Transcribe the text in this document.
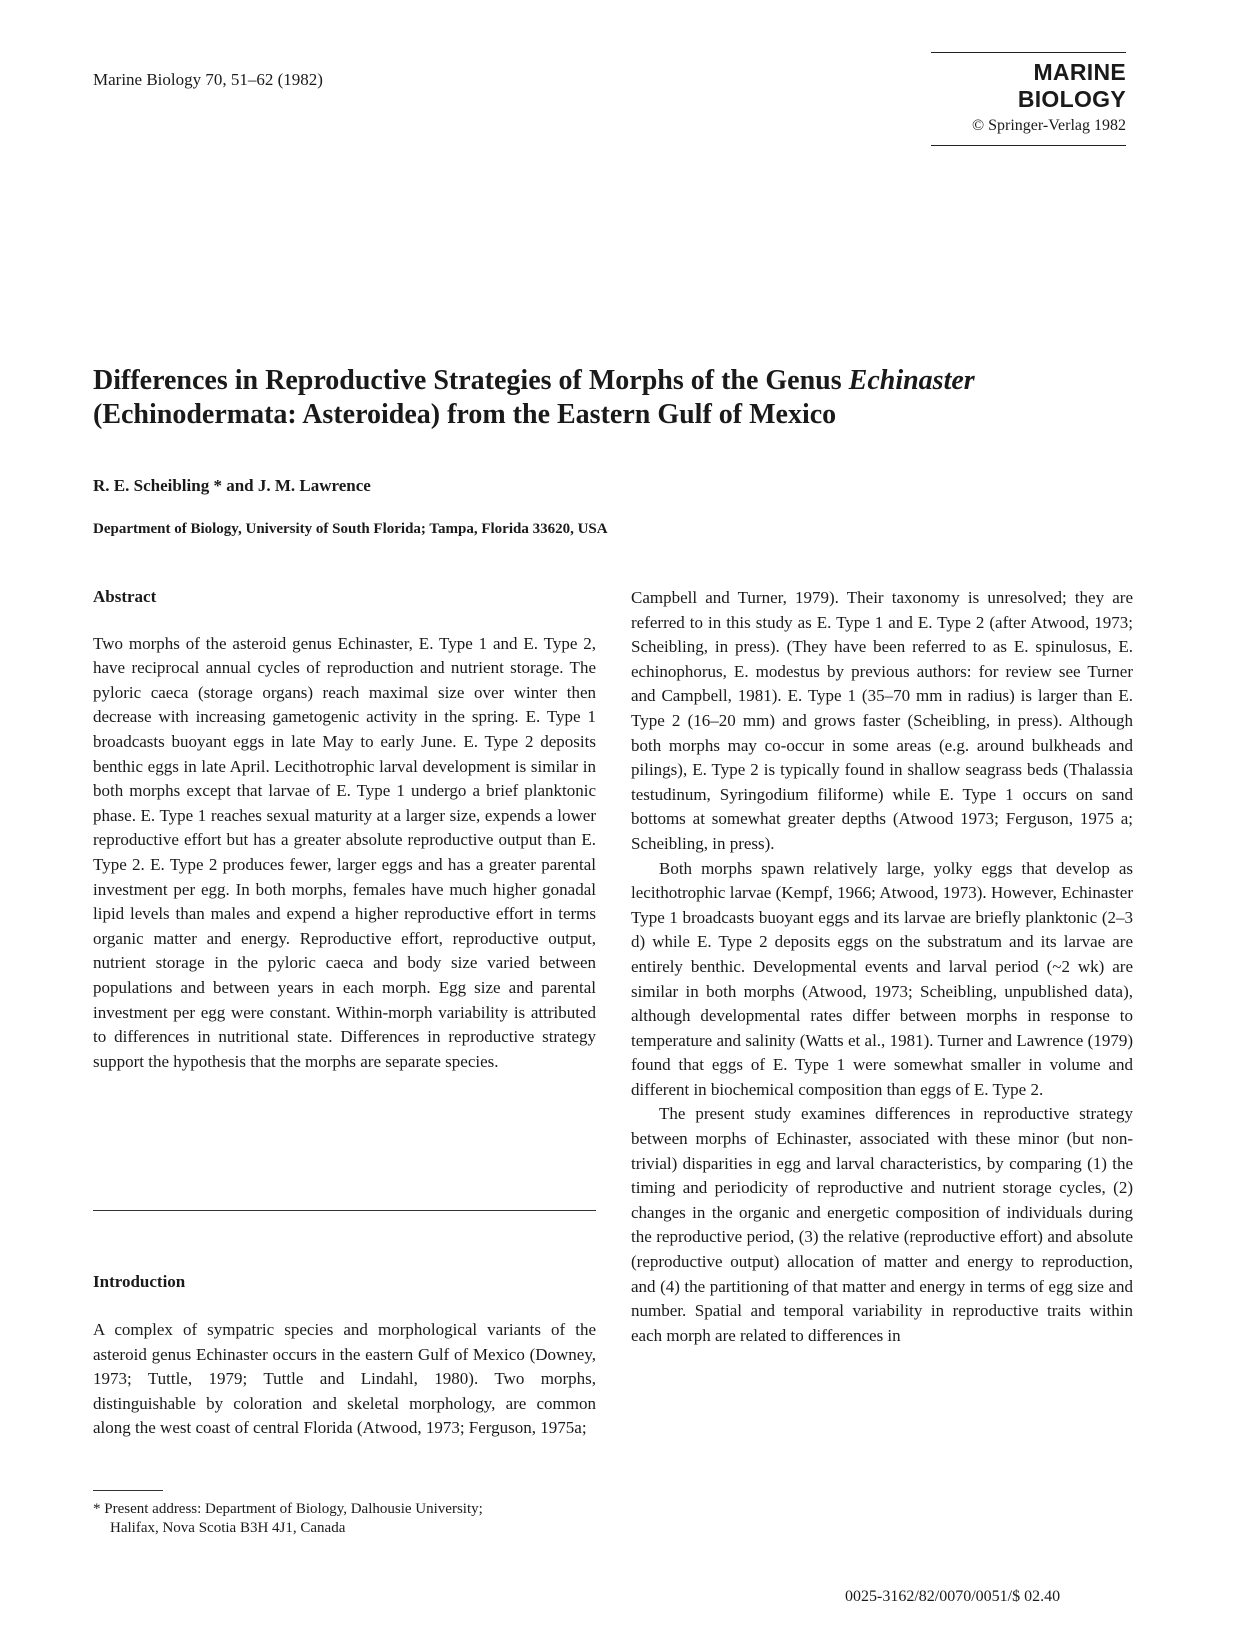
Marine Biology 70, 51–62 (1982)	MARINE BIOLOGY
© Springer-Verlag 1982
Differences in Reproductive Strategies of Morphs of the Genus Echinaster
(Echinodermata: Asteroidea) from the Eastern Gulf of Mexico
R. E. Scheibling * and J. M. Lawrence
Department of Biology, University of South Florida; Tampa, Florida 33620, USA
Abstract

Two morphs of the asteroid genus Echinaster, E. Type 1 and E. Type 2, have reciprocal annual cycles of reproduction and nutrient storage. The pyloric caeca (storage organs) reach maximal size over winter then decrease with increasing gametogenic activity in the spring. E. Type 1 broadcasts buoyant eggs in late May to early June. E. Type 2 deposits benthic eggs in late April. Lecithotrophic larval development is similar in both morphs except that larvae of E. Type 1 undergo a brief planktonic phase. E. Type 1 reaches sexual maturity at a larger size, expends a lower reproductive effort but has a greater absolute reproductive output than E. Type 2. E. Type 2 produces fewer, larger eggs and has a greater parental investment per egg. In both morphs, females have much higher gonadal lipid levels than males and expend a higher reproductive effort in terms organic matter and energy. Reproductive effort, reproductive output, nutrient storage in the pyloric caeca and body size varied between populations and between years in each morph. Egg size and parental investment per egg were constant. Within-morph variability is attributed to differences in nutritional state. Differences in reproductive strategy support the hypothesis that the morphs are separate species.

Introduction

A complex of sympatric species and morphological variants of the asteroid genus Echinaster occurs in the eastern Gulf of Mexico (Downey, 1973; Tuttle, 1979; Tuttle and Lindahl, 1980). Two morphs, distinguishable by coloration and skeletal morphology, are common along the west coast of central Florida (Atwood, 1973; Ferguson, 1975a;

* Present address: Department of Biology, Dalhousie University;
Halifax, Nova Scotia B3H 4J1, Canada

Campbell and Turner, 1979). Their taxonomy is unresolved; they are referred to in this study as E. Type 1 and E. Type 2 (after Atwood, 1973; Scheibling, in press). (They have been referred to as E. spinulosus, E. echinophorus, E. modestus by previous authors: for review see Turner and Campbell, 1981). E. Type 1 (35–70 mm in radius) is larger than E. Type 2 (16–20 mm) and grows faster (Scheibling, in press). Although both morphs may co-occur in some areas (e.g. around bulkheads and pilings), E. Type 2 is typically found in shallow seagrass beds (Thalassia testudinum, Syringodium filiforme) while E. Type 1 occurs on sand bottoms at somewhat greater depths (Atwood 1973; Ferguson, 1975 a; Scheibling, in press).

Both morphs spawn relatively large, yolky eggs that develop as lecithotrophic larvae (Kempf, 1966; Atwood, 1973). However, Echinaster Type 1 broadcasts buoyant eggs and its larvae are briefly planktonic (2–3 d) while E. Type 2 deposits eggs on the substratum and its larvae are entirely benthic. Developmental events and larval period (~2 wk) are similar in both morphs (Atwood, 1973; Scheibling, unpublished data), although developmental rates differ between morphs in response to temperature and salinity (Watts et al., 1981). Turner and Lawrence (1979) found that eggs of E. Type 1 were somewhat smaller in volume and different in biochemical composition than eggs of E. Type 2.

The present study examines differences in reproductive strategy between morphs of Echinaster, associated with these minor (but non-trivial) disparities in egg and larval characteristics, by comparing (1) the timing and periodicity of reproductive and nutrient storage cycles, (2) changes in the organic and energetic composition of individuals during the reproductive period, (3) the relative (reproductive effort) and absolute (reproductive output) allocation of matter and energy to reproduction, and (4) the partitioning of that matter and energy in terms of egg size and number. Spatial and temporal variability in reproductive traits within each morph are related to differences in

0025-3162/82/0070/0051/$ 02.40
